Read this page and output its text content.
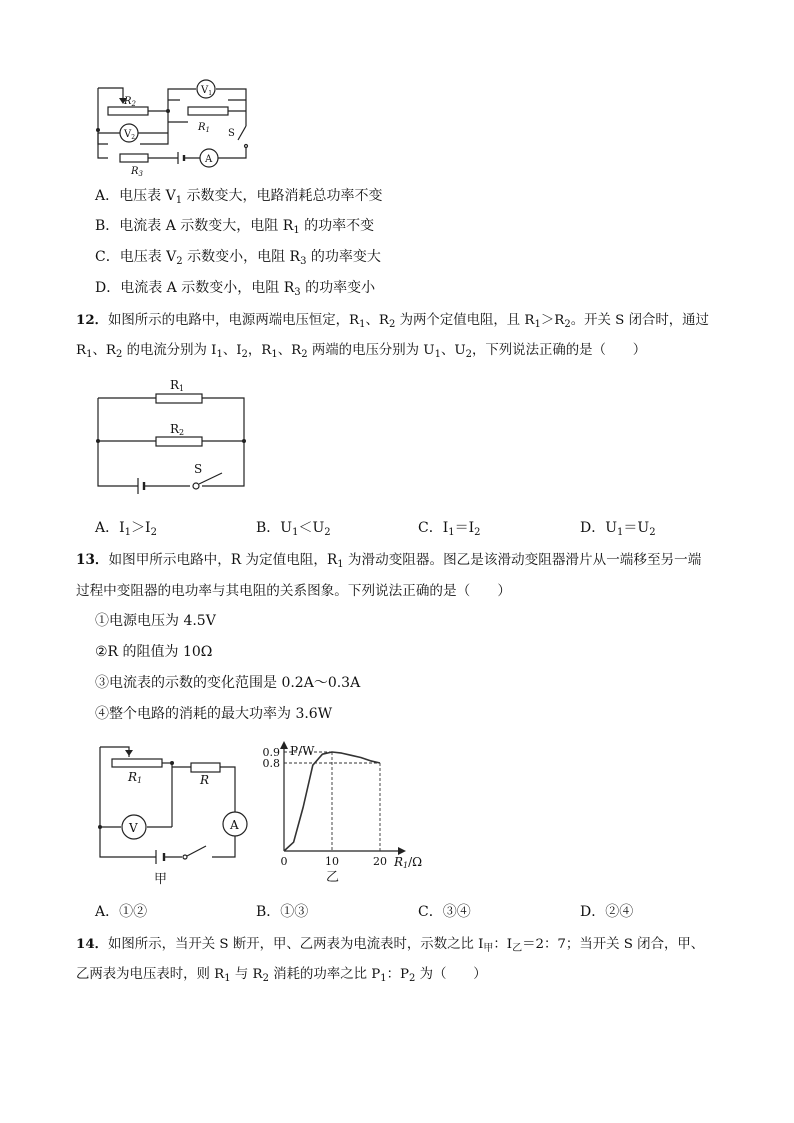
$R_2$
$V_1$
$R_1$
$V_2$	S
$R_3$
A
A．电压表 $V_1$ 示数变大，电路消耗总功率不变
B．电流表 A 示数变大，电阻 $R_1$ 的功率不变
C．电压表 $V_2$ 示数变小，电阻 $R_3$ 的功率变大
D．电流表 A 示数变小，电阻 $R_3$ 的功率变小
12．如图所示的电路中，电源两端电压恒定，$R_1$、$R_2$ 为两个定值电阻，且 $R_1>R_2$。开关 S 闭合时，通过
$R_1$、$R_2$ 的电流分别为 $I_1$、$I_2$，$R_1$、$R_2$ 两端的电压分别为 $U_1$、$U_2$，下列说法正确的是（　　）
R1
R2
S
A．$I_1>I_2$	B．$U_1<U_2$	C．$I_1=I_2$	D．$U_1=U_2$
13．如图甲所示电路中，R 为定值电阻，$R_1$ 为滑动变阻器。图乙是该滑动变阻器滑片从一端移至另一端
过程中变阻器的电功率与其电阻的关系图象。下列说法正确的是（　　）
①电源电压为 4.5V
②R 的阻值为 10Ω
③电流表的示数的变化范围是 0.2A～0.3A
④整个电路的消耗的最大功率为 3.6W
R1	R
V	A
甲
P/W
R1/Ω
乙
0.9
0.8
0	10	20
A．①②	B．①③	C．③④	D．②④
14．如图所示，当开关 S 断开，甲、乙两表为电流表时，示数之比 $I_甲$：$I_乙=2$：7；当开关 S 闭合，甲、
乙两表为电压表时，则 $R_1$ 与 $R_2$ 消耗的功率之比 $P_1$：$P_2$ 为（　　）
